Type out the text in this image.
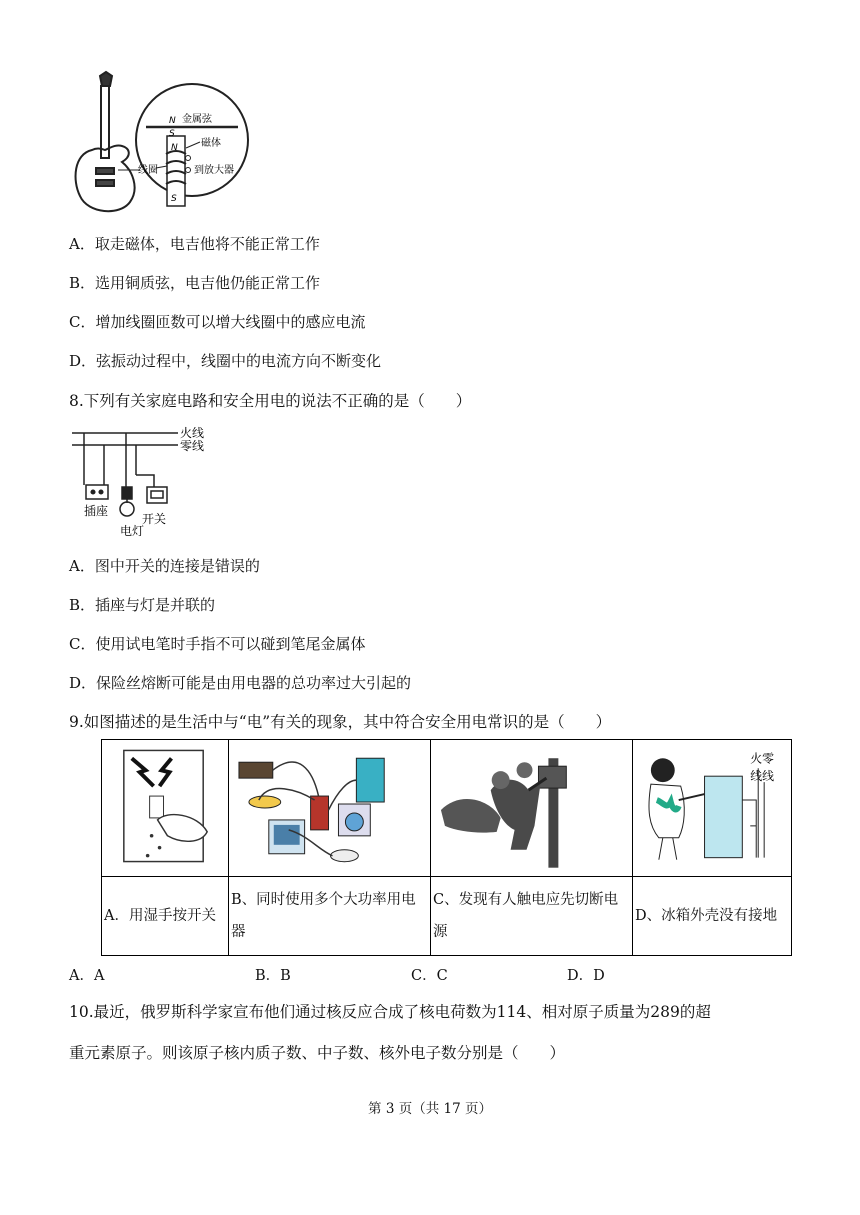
N
S
金属弦
N 磁体
到放大器
线圈
S
A．取走磁体，电吉他将不能正常工作
B．选用铜质弦，电吉他仍能正常工作
C．增加线圈匝数可以增大线圈中的感应电流
D．弦振动过程中，线圈中的电流方向不断变化
8.下列有关家庭电路和安全用电的说法不正确的是（　　）
火线
零线
插座
电灯
开关
A．图中开关的连接是错误的
B．插座与灯是并联的
C．使用试电笔时手指不可以碰到笔尾金属体
D．保险丝熔断可能是由用电器的总功率过大引起的
9.如图描述的是生活中与“电”有关的现象，其中符合安全用电常识的是（　　）

火零
线线

A．用湿手按开关	B、同时使用多个大功率用电器	C、发现有人触电应先切断电源	D、冰箱外壳没有接地
A．A	B．B	C．C	D．D
10.最近，俄罗斯科学家宣布他们通过核反应合成了核电荷数为114、相对原子质量为289的超
重元素原子。则该原子核内质子数、中子数、核外电子数分别是（　　）
第 3 页（共 17 页）
